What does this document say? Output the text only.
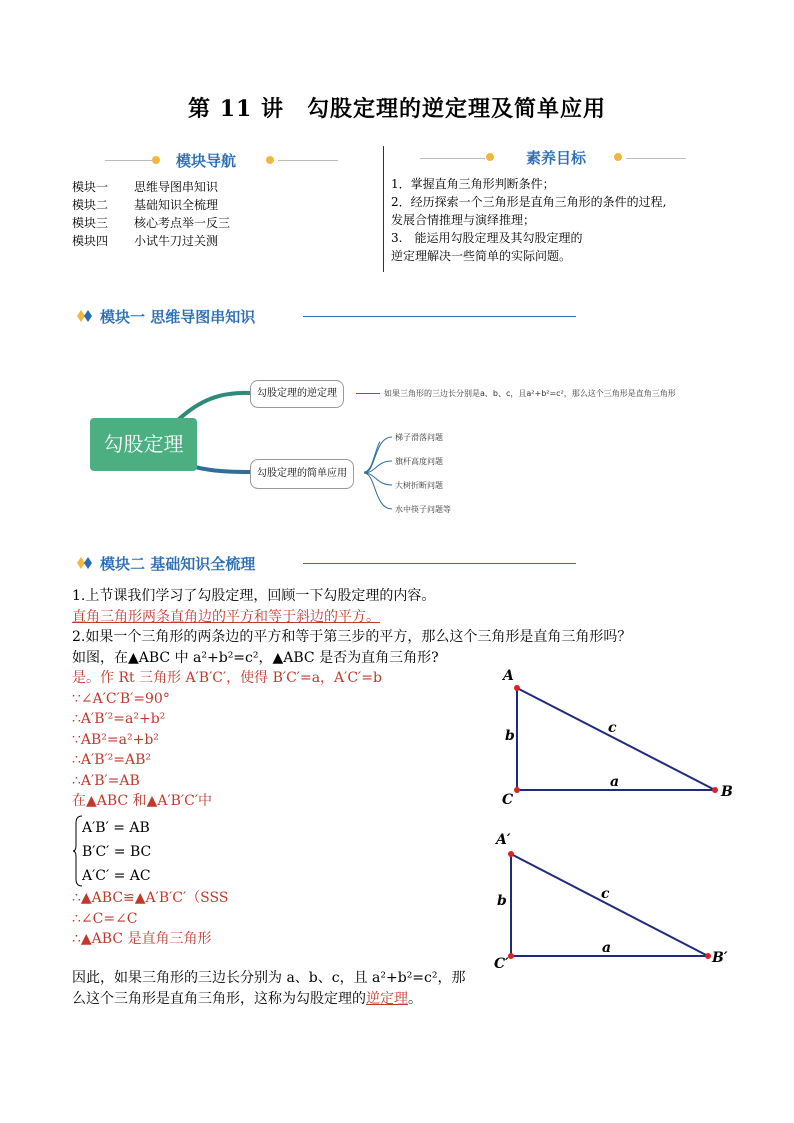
第 11 讲　勾股定理的逆定理及简单应用
模块导航
模块一	思维导图串知识
模块二	基础知识全梳理
模块三	核心考点举一反三
模块四	小试牛刀过关测
素养目标
1．掌握直角三角形判断条件；
2．经历探索一个三角形是直角三角形的条件的过程,
发展合情推理与演绎推理；
3.　能运用勾股定理及其勾股定理的
逆定理解决一些简单的实际问题。
模块一 思维导图串知识
勾股定理
勾股定理的逆定理	如果三角形的三边长分别是a、b、c，且a²+b²=c²，那么这个三角形是直角三角形
勾股定理的简单应用
梯子滑落问题
旗杆高度问题
大树折断问题
水中筷子问题等
模块二 基础知识全梳理
1.上节课我们学习了勾股定理，回顾一下勾股定理的内容。
直角三角形两条直角边的平方和等于斜边的平方。
2.如果一个三角形的两条边的平方和等于第三步的平方，那么这个三角形是直角三角形吗？
如图，在▲ABC 中 a²+b²=c²，▲ABC 是否为直角三角形?
是。作 Rt 三角形 A′B′C′，使得 B′C′=a，A′C′=b
∵∠A′C′B′=90°
∴A′B′²=a²+b²
∵AB²=a²+b²
∴A′B′²=AB²
∴A′B′=AB
在▲ABC 和▲A′B′C′中
A′B′ = AB
B′C′ = BC
A′C′ = AC
∴▲ABC≌▲A′B′C′（SSS
∴∠C=∠C
∴▲ABC 是直角三角形
因此，如果三角形的三边长分别为 a、b、c，且 a²+b²=c²，那
么这个三角形是直角三角形，这称为勾股定理的逆定理。
A
C	B
b	c
a
A′
C′	B′
b	c
a
